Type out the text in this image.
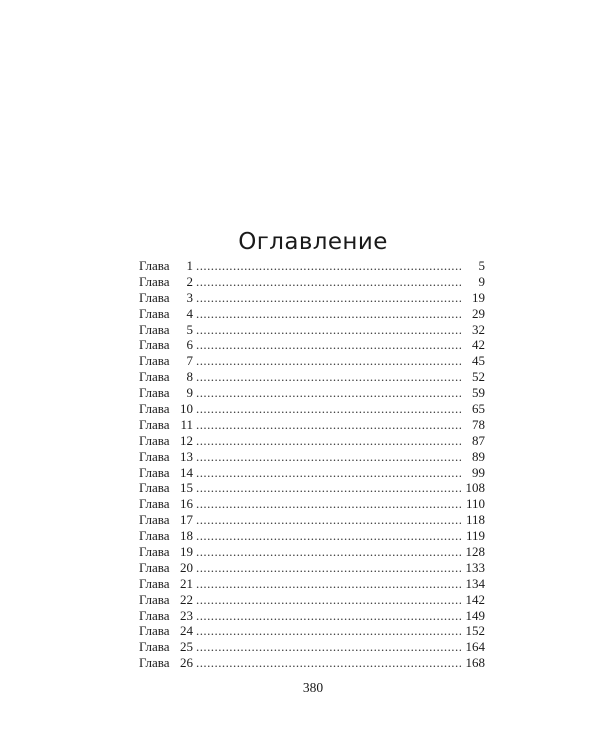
Оглавление
Глава	1 . . .	5
Глава	2 . . .	9
Глава	3 . . .	19
Глава	4 . . .	29
Глава	5 . . .	32
Глава	6 . . .	42
Глава	7 . . .	45
Глава	8 . . .	52
Глава	9 . . .	59
Глава 10 . . .	65
Глава 11 . . .	78
Глава 12 . . .	87
Глава 13 . . .	89
Глава 14 . . .	99
Глава 15 . . .	108
Глава 16 . . .	110
Глава 17 . . .	118
Глава 18 . . .	119
Глава 19 . . .	128
Глава 20 . . .	133
Глава 21 . . .	134
Глава 22 . . .	142
Глава 23 . . .	149
Глава 24 . . .	152
Глава 25 . . .	164
Глава 26 . . .	168
380
